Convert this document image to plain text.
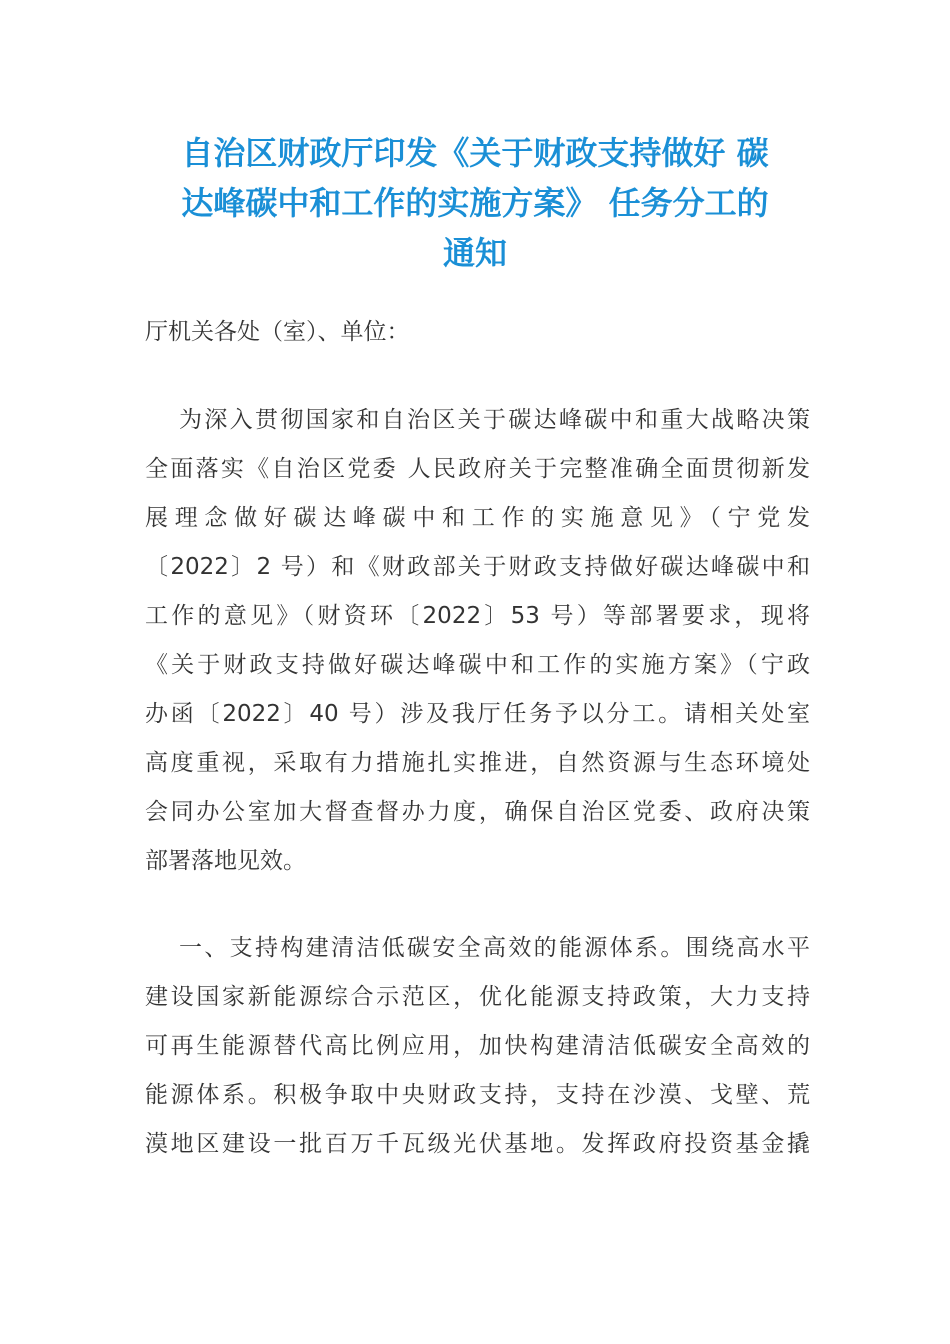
自治区财政厅印发《关于财政支持做好 碳
达峰碳中和工作的实施方案》 任务分工的
通知
厅机关各处（室）、单位：
为深入贯彻国家和自治区关于碳达峰碳中和重大战略决策
全面落实《自治区党委 人民政府关于完整准确全面贯彻新发
展理念做好碳达峰碳中和工作的实施意见》（宁党发
〔2022〕2 号）和《财政部关于财政支持做好碳达峰碳中和
工作的意见》（财资环〔2022〕53 号）等部署要求，现将
《关于财政支持做好碳达峰碳中和工作的实施方案》（宁政
办函〔2022〕40 号）涉及我厅任务予以分工。请相关处室
高度重视，采取有力措施扎实推进，自然资源与生态环境处
会同办公室加大督查督办力度，确保自治区党委、政府决策
部署落地见效。
一、支持构建清洁低碳安全高效的能源体系。围绕高水平
建设国家新能源综合示范区，优化能源支持政策，大力支持
可再生能源替代高比例应用，加快构建清洁低碳安全高效的
能源体系。积极争取中央财政支持，支持在沙漠、戈壁、荒
漠地区建设一批百万千瓦级光伏基地。发挥政府投资基金撬
